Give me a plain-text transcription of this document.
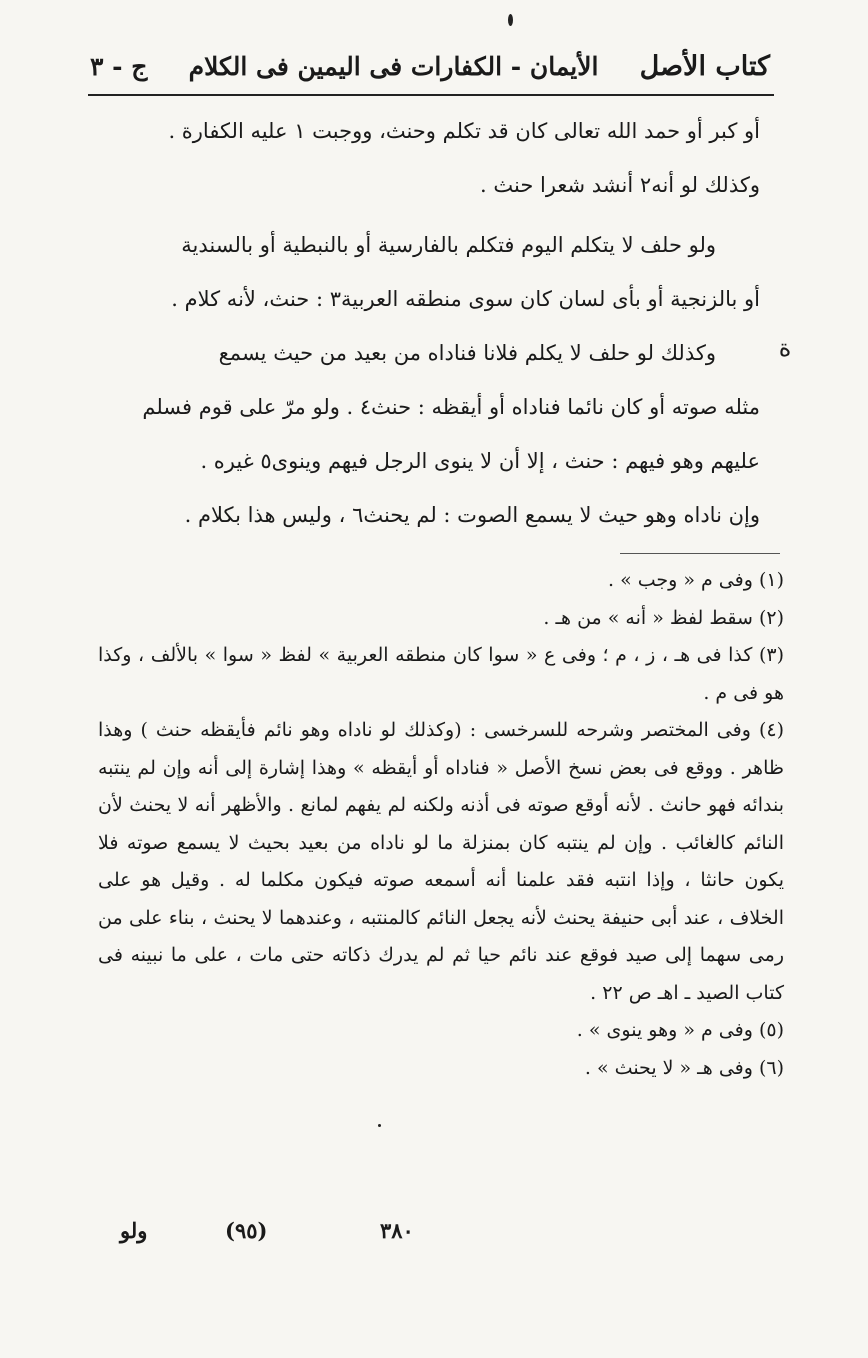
كتاب الأصل
الأيمان - الكفارات فى اليمين فى الكلام
ج - ٣
ة

أو كبر أو حمد الله تعالى كان قد تكلم وحنث، ووجبت ١ عليه الكفارة .

وكذلك لو أنه٢ أنشد شعرا حنث .

ولو حلف لا يتكلم اليوم فتكلم بالفارسية أو بالنبطية أو بالسندية

أو بالزنجية أو بأى لسان كان سوى منطقه العربية٣ : حنث، لأنه كلام .

وكذلك لو حلف لا يكلم فلانا فناداه من بعيد من حيث يسمع

مثله صوته أو كان نائما فناداه أو أيقظه : حنث٤ . ولو مرّ على قوم فسلم

عليهم وهو فيهم : حنث ، إلا أن لا ينوى الرجل فيهم وينوى٥ غيره .

وإن ناداه وهو حيث لا يسمع الصوت : لم يحنث٦ ، وليس هذا بكلام .

(١) وفى م « وجب » .

(٢) سقط لفظ « أنه » من هـ .

(٣) كذا فى هـ ، ز ، م ؛ وفى ع « سوا كان منطقه العربية » لفظ « سوا » بالألف ، وكذا هو فى م .

(٤) وفى المختصر وشرحه للسرخسى : (وكذلك لو ناداه وهو نائم فأيقظه حنث ) وهذا ظاهر . ووقع فى بعض نسخ الأصل « فناداه أو أيقظه » وهذا إشارة إلى أنه وإن لم ينتبه بندائه فهو حانث . لأنه أوقع صوته فى أذنه ولكنه لم يفهم لمانع . والأظهر أنه لا يحنث لأن النائم كالغائب . وإن لم ينتبه كان بمنزلة ما لو ناداه من بعيد بحيث لا يسمع صوته فلا يكون حانثا ، وإذا انتبه فقد علمنا أنه أسمعه صوته فيكون مكلما له . وقيل هو على الخلاف ، عند أبى حنيفة يحنث لأنه يجعل النائم كالمنتبه ، وعندهما لا يحنث ، بناء على من رمى سهما إلى صيد فوقع عند نائم حيا ثم لم يدرك ذكاته حتى مات ، على ما نبينه فى كتاب الصيد ـ اهـ ص ٢٢ .

(٥) وفى م « وهو ينوى » .

(٦) وفى هـ « لا يحنث » .

٣٨٠
(٩٥)
ولو
